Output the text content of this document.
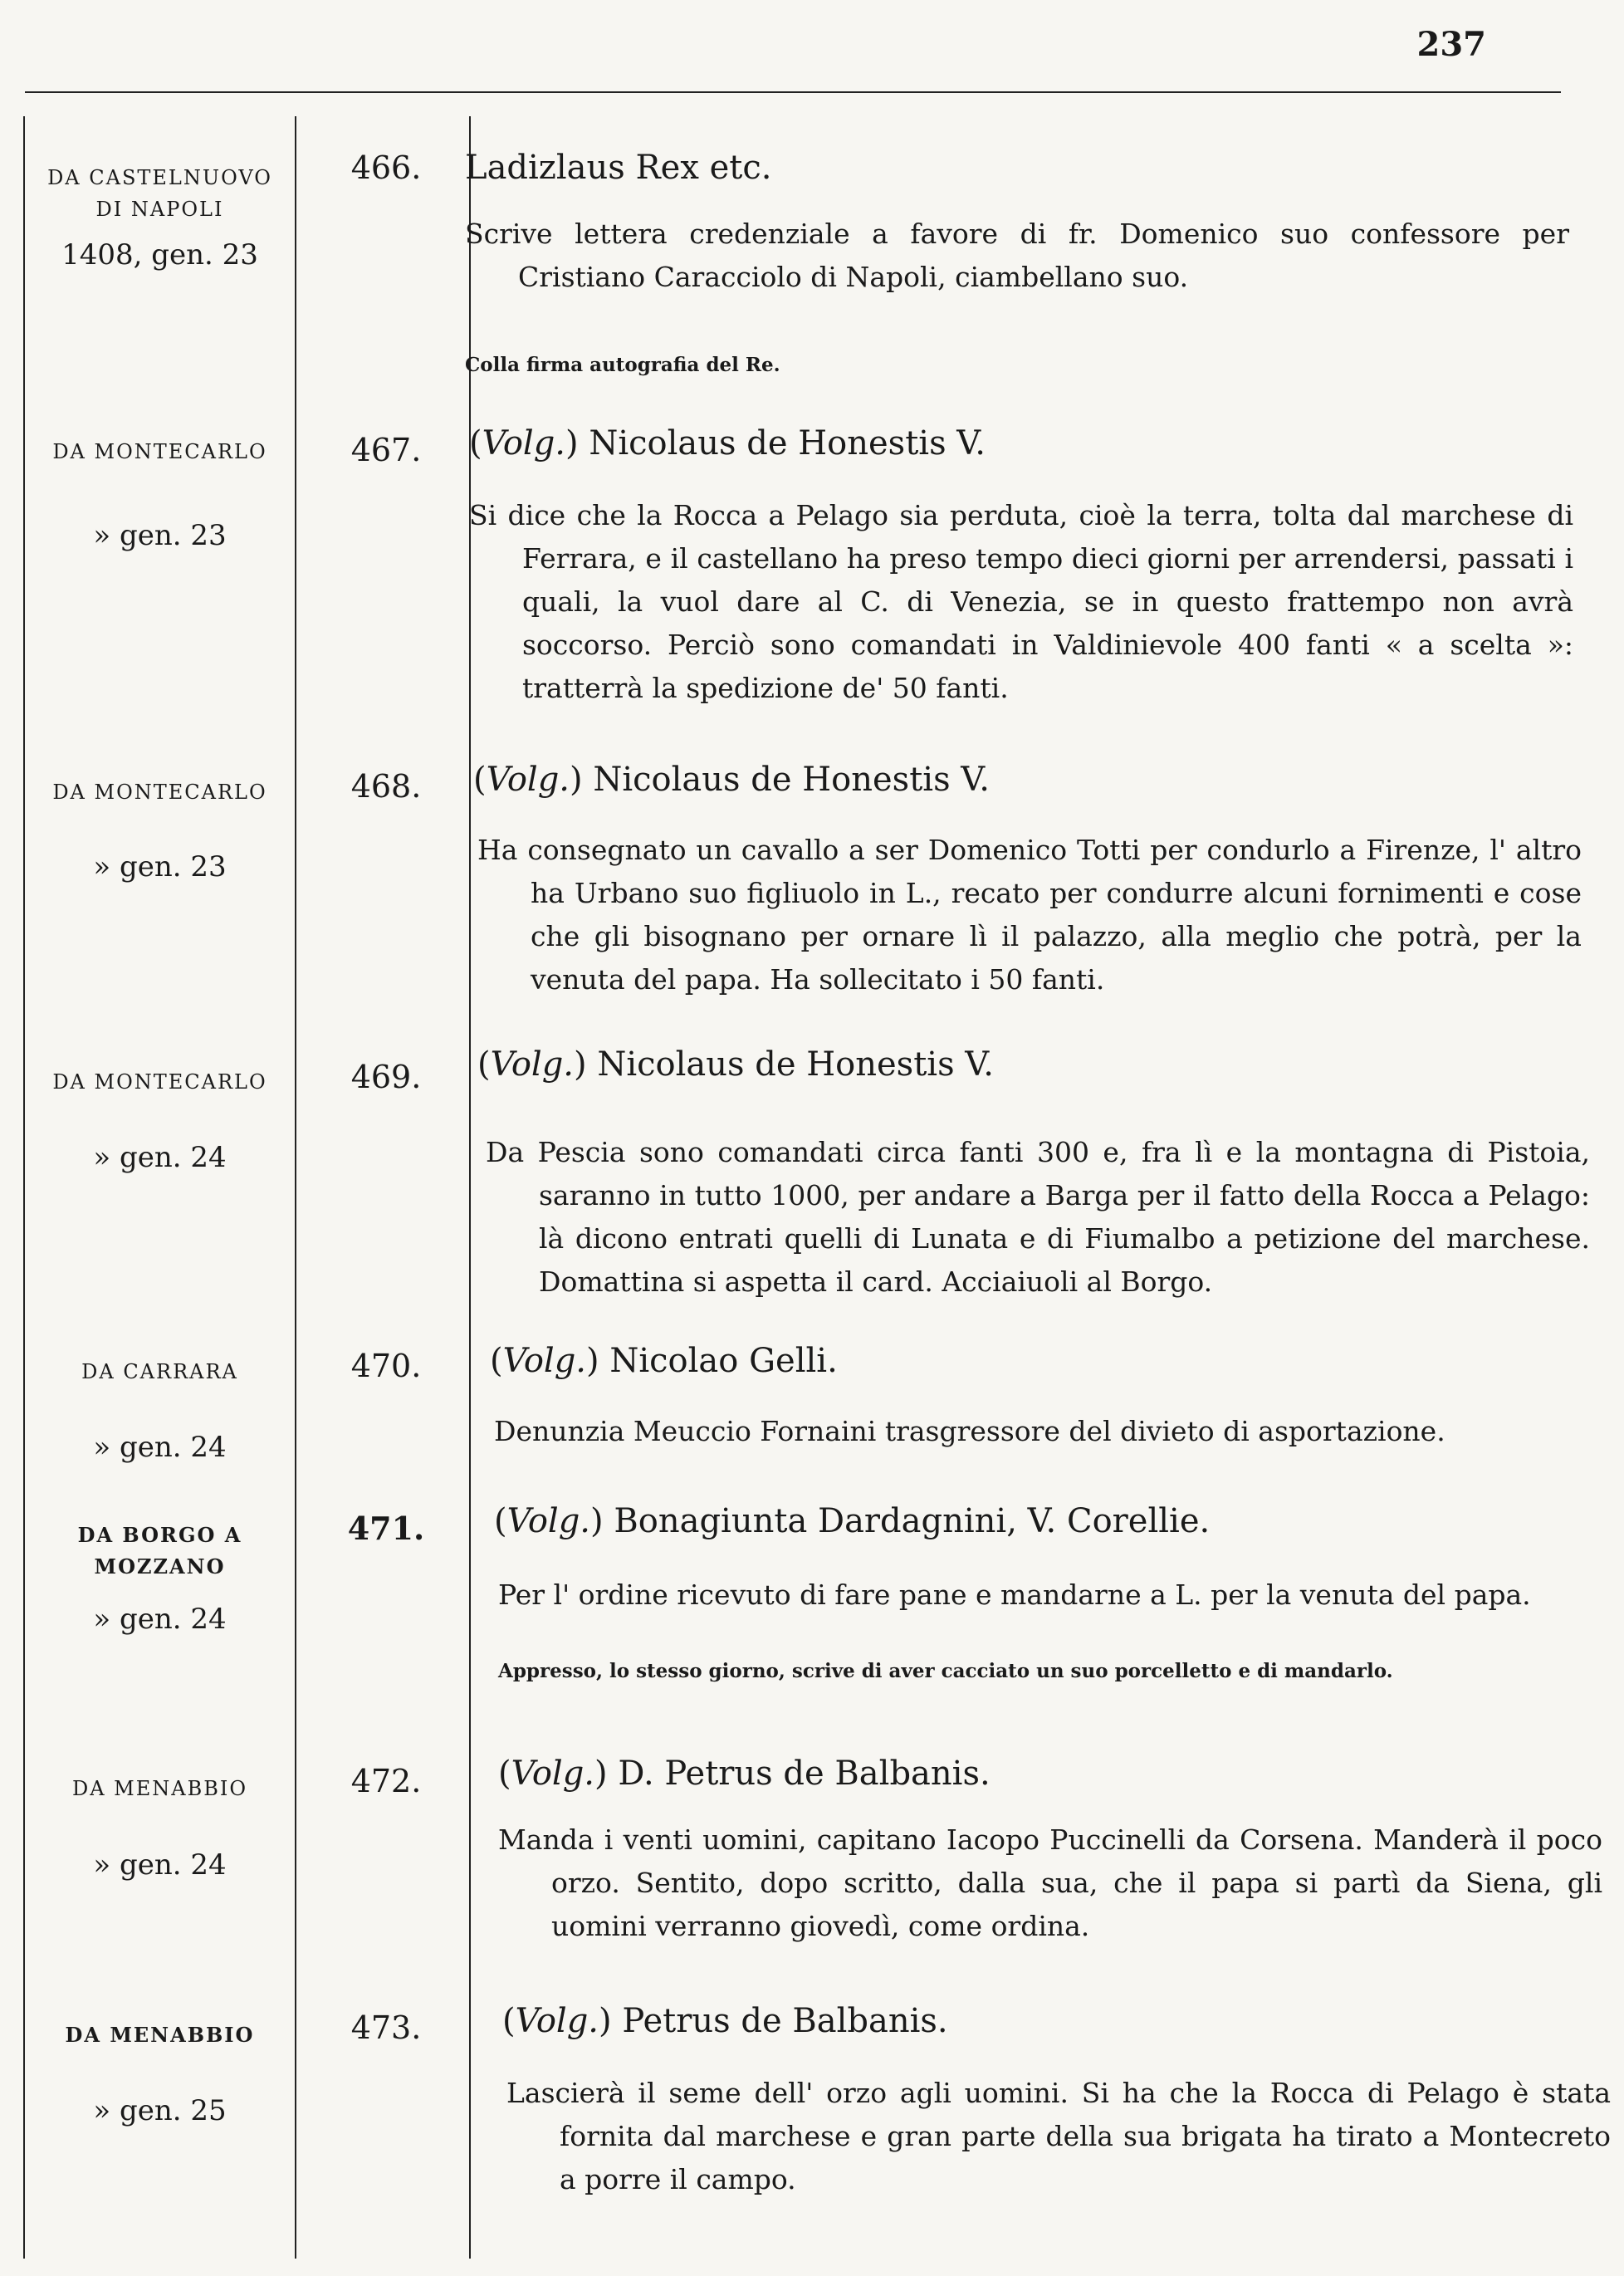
237
DA CASTELNUOVO DI NAPOLI
1408, gen. 23
466.	Ladizlaus Rex etc.
Scrive lettera credenziale a favore di fr. Domenico suo confessore per Cristiano Caracciolo di Napoli, ciambellano suo.
Colla firma autografia del Re.
DA MONTECARLO
» gen. 23
467.	(Volg.) Nicolaus de Honestis V.
Si dice che la Rocca a Pelago sia perduta, cioè la terra, tolta dal marchese di Ferrara, e il castellano ha preso tempo dieci giorni per arrendersi, passati i quali, la vuol dare al C. di Venezia, se in questo frattempo non avrà soccorso. Perciò sono comandati in Valdinievole 400 fanti « a scelta »: tratterrà la spedizione de' 50 fanti.
DA MONTECARLO
» gen. 23
468.	(Volg.) Nicolaus de Honestis V.
Ha consegnato un cavallo a ser Domenico Totti per condurlo a Firenze, l' altro ha Urbano suo figliuolo in L., recato per condurre alcuni fornimenti e cose che gli bisognano per ornare lì il palazzo, alla meglio che potrà, per la venuta del papa. Ha sollecitato i 50 fanti.
DA MONTECARLO
» gen. 24
469.	(Volg.) Nicolaus de Honestis V.
Da Pescia sono comandati circa fanti 300 e, fra lì e la montagna di Pistoia, saranno in tutto 1000, per andare a Barga per il fatto della Rocca a Pelago: là dicono entrati quelli di Lunata e di Fiumalbo a petizione del marchese. Domattina si aspetta il card. Acciaiuoli al Borgo.
DA CARRARA
» gen. 24
470.	(Volg.) Nicolao Gelli.
Denunzia Meuccio Fornaini trasgressore del divieto di asportazione.
DA BORGO A MOZZANO
» gen. 24
471.	(Volg.) Bonagiunta Dardagnini, V. Corellie.
Per l' ordine ricevuto di fare pane e mandarne a L. per la venuta del papa.
Appresso, lo stesso giorno, scrive di aver cacciato un suo porcelletto e di mandarlo.
DA MENABBIO
» gen. 24
472.	(Volg.) D. Petrus de Balbanis.
Manda i venti uomini, capitano Iacopo Puccinelli da Corsena. Manderà il poco orzo. Sentito, dopo scritto, dalla sua, che il papa si partì da Siena, gli uomini verranno giovedì, come ordina.
DA MENABBIO
» gen. 25
473.	(Volg.) Petrus de Balbanis.
Lascierà il seme dell' orzo agli uomini. Si ha che la Rocca di Pelago è stata fornita dal marchese e gran parte della sua brigata ha tirato a Montecreto a porre il campo.
